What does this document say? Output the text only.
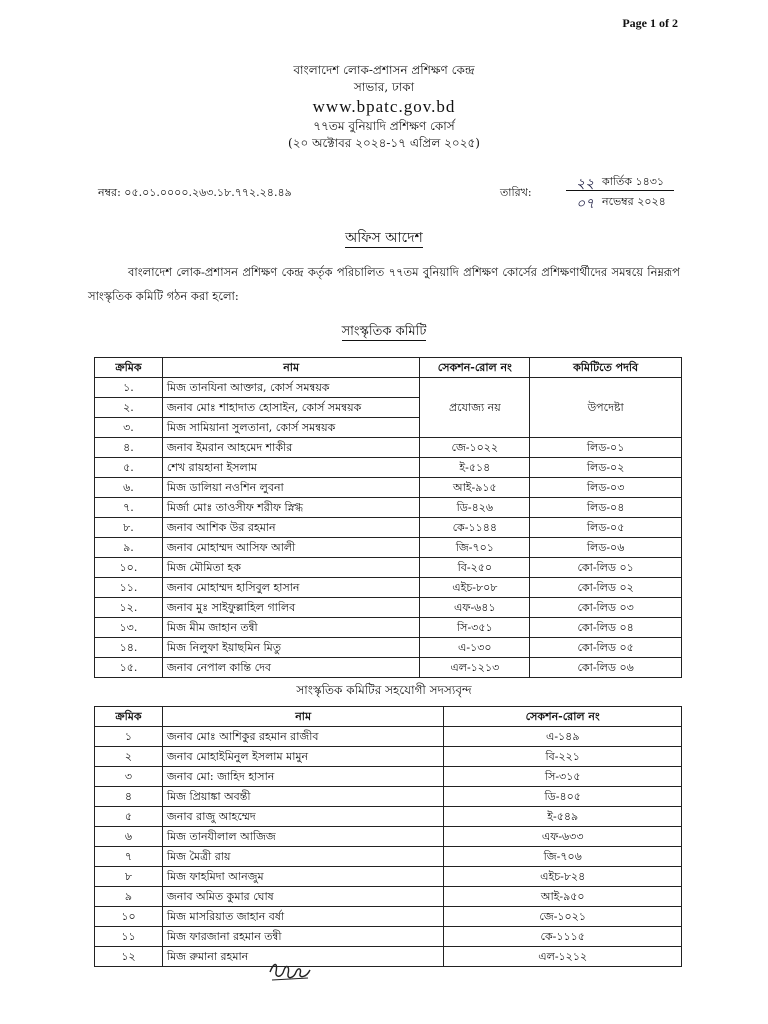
Page 1 of 2
বাংলাদেশ লোক-প্রশাসন প্রশিক্ষণ কেন্দ্র
সাভার, ঢাকা
www.bpatc.gov.bd
৭৭তম বুনিয়াদি প্রশিক্ষণ কোর্স
(২০ অক্টোবর ২০২৪-১৭ এপ্রিল ২০২৫)
নম্বর: ০৫.০১.০০০০.২৬৩.১৮.৭৭২.২৪.৪৯	তারিখ:
২২ কার্তিক ১৪৩১
০৭ নভেম্বর ২০২৪
অফিস আদেশ
বাংলাদেশ লোক-প্রশাসন প্রশিক্ষণ কেন্দ্র কর্তৃক পরিচালিত ৭৭তম বুনিয়াদি প্রশিক্ষণ কোর্সের প্রশিক্ষণার্থীদের সমন্বয়ে নিম্নরূপ সাংস্কৃতিক কমিটি গঠন করা হলো:
সাংস্কৃতিক কমিটি
ক্রমিক	নাম	সেকশন-রোল নং	কমিটিতে পদবি
১.	মিজ তানযিনা আক্তার, কোর্স সমন্বয়ক	প্রযোজ্য নয়	উপদেষ্টা
২.	জনাব মোঃ শাহাদাত হোসাইন, কোর্স সমন্বয়ক		
৩.	মিজ সামিয়ানা সুলতানা, কোর্স সমন্বয়ক		
৪.	জনাব ইমরান আহমেদ শাকীর	জে-১০২২	লিড-০১
৫.	শেখ রায়হানা ইসলাম	ই-৫১৪	লিড-০২
৬.	মিজ ডালিয়া নওশিন লুবনা	আই-৯১৫	লিড-০৩
৭.	মির্জা মোঃ তাওসীফ শরীফ স্নিগ্ধ	ডি-৪২৬	লিড-০৪
৮.	জনাব আশিক উর রহমান	কে-১১৪৪	লিড-০৫
৯.	জনাব মোহাম্মদ আসিফ আলী	জি-৭০১	লিড-০৬
১০.	মিজ মৌমিতা হক	বি-২৫০	কো-লিড ০১
১১.	জনাব মোহাম্মদ হাসিবুল হাসান	এইচ-৮০৮	কো-লিড ০২
১২.	জনাব মুঃ সাইফুল্লাহিল গালিব	এফ-৬৪১	কো-লিড ০৩
১৩.	মিজ মীম জাহান তন্বী	সি-৩৫১	কো-লিড ০৪
১৪.	মিজ নিলুফা ইয়াছমিন মিতু	এ-১৩০	কো-লিড ০৫
১৫.	জনাব নেপাল কান্তি দেব	এল-১২১৩	কো-লিড ০৬
সাংস্কৃতিক কমিটির সহযোগী সদস্যবৃন্দ
ক্রমিক	নাম	সেকশন-রোল নং
১	জনাব মোঃ আশিকুর রহমান রাজীব	এ-১৪৯
২	জনাব মোহাইমিনুল ইসলাম মামুন	বি-২২১
৩	জনাব মো: জাহিদ হাসান	সি-৩১৫
৪	মিজ প্রিয়াঙ্কা অবন্তী	ডি-৪০৫
৫	জনাব রাজু আহম্মেদ	ই-৫৪৯
৬	মিজ তানযীলাল আজিজ	এফ-৬৩৩
৭	মিজ মৈত্রী রায়	জি-৭০৬
৮	মিজ ফাহমিদা আনজুম	এইচ-৮২৪
৯	জনাব অমিত কুমার ঘোষ	আই-৯৫০
১০	মিজ মাসরিয়াত জাহান বর্ষা	জে-১০২১
১১	মিজ ফারজানা রহমান তন্বী	কে-১১১৫
১২	মিজ রুমানা রহমান	এল-১২১২
